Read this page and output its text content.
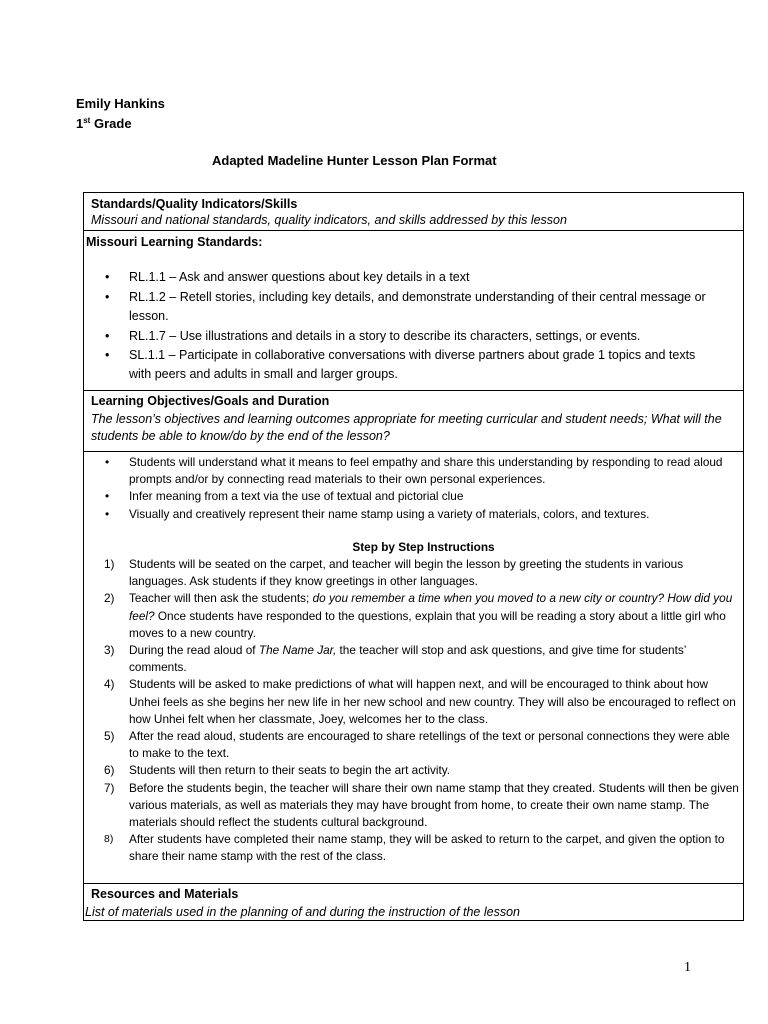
Emily Hankins
1st Grade
Adapted Madeline Hunter Lesson Plan Format
Standards/Quality Indicators/Skills
Missouri and national standards, quality indicators, and skills addressed by this lesson
Missouri Learning Standards:
• RL.1.1 – Ask and answer questions about key details in a text
• RL.1.2 – Retell stories, including key details, and demonstrate understanding of their central message or lesson.
• RL.1.7 – Use illustrations and details in a story to describe its characters, settings, or events.
• SL.1.1 – Participate in collaborative conversations with diverse partners about grade 1 topics and texts with peers and adults in small and larger groups.
Learning Objectives/Goals and Duration
The lesson’s objectives and learning outcomes appropriate for meeting curricular and student needs; What will the students be able to know/do by the end of the lesson?
• Students will understand what it means to feel empathy and share this understanding by responding to read aloud prompts and/or by connecting read materials to their own personal experiences.
• Infer meaning from a text via the use of textual and pictorial clue
• Visually and creatively represent their name stamp using a variety of materials, colors, and textures.
Step by Step Instructions
1) Students will be seated on the carpet, and teacher will begin the lesson by greeting the students in various languages. Ask students if they know greetings in other languages.
2) Teacher will then ask the students; do you remember a time when you moved to a new city or country? How did you feel? Once students have responded to the questions, explain that you will be reading a story about a little girl who moves to a new country.
3) During the read aloud of The Name Jar, the teacher will stop and ask questions, and give time for students’ comments.
4) Students will be asked to make predictions of what will happen next, and will be encouraged to think about how Unhei feels as she begins her new life in her new school and new country. They will also be encouraged to reflect on how Unhei felt when her classmate, Joey, welcomes her to the class.
5) After the read aloud, students are encouraged to share retellings of the text or personal connections they were able to make to the text.
6) Students will then return to their seats to begin the art activity.
7) Before the students begin, the teacher will share their own name stamp that they created. Students will then be given various materials, as well as materials they may have brought from home, to create their own name stamp. The materials should reflect the students cultural background.
8) After students have completed their name stamp, they will be asked to return to the carpet, and given the option to share their name stamp with the rest of the class.
Resources and Materials
List of materials used in the planning of and during the instruction of the lesson
1
